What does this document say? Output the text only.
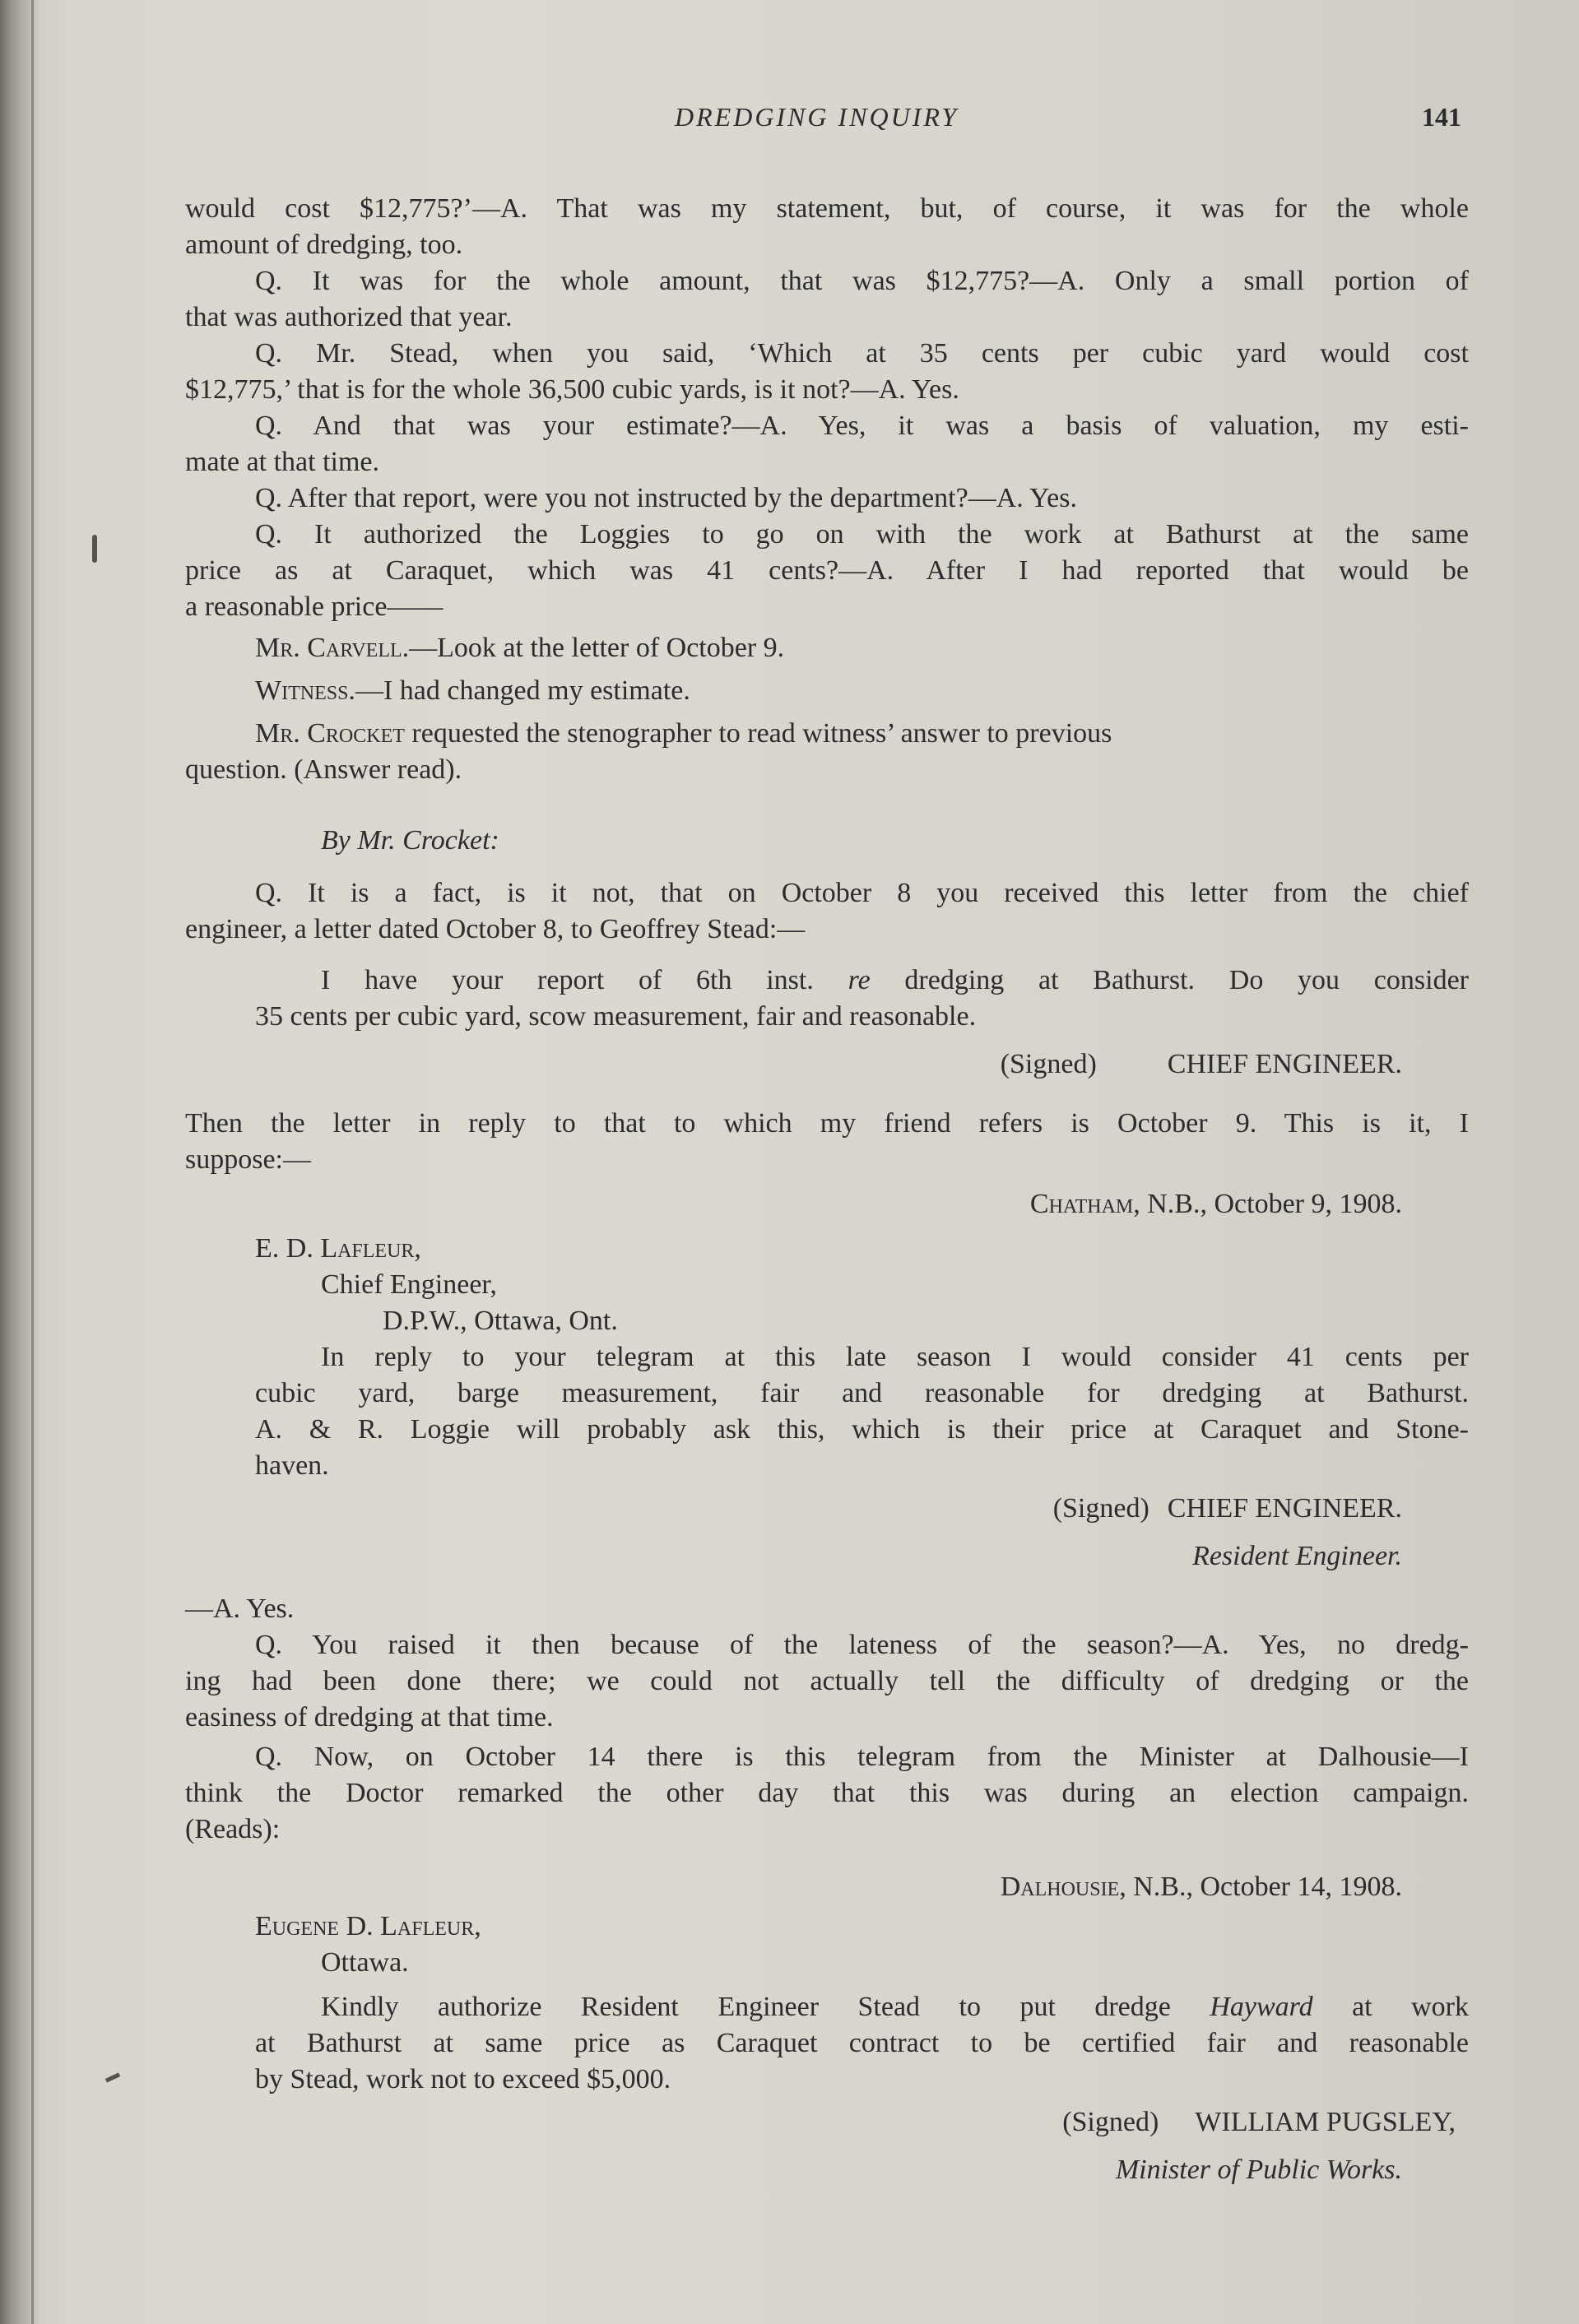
DREDGING INQUIRY	141
would cost $12,775?’—A. That was my statement, but, of course, it was for the whole
amount of dredging, too.
Q. It was for the whole amount, that was $12,775?—A. Only a small portion of
that was authorized that year.
Q. Mr. Stead, when you said, ‘Which at 35 cents per cubic yard would cost
$12,775,’ that is for the whole 36,500 cubic yards, is it not?—A. Yes.
Q. And that was your estimate?—A. Yes, it was a basis of valuation, my esti-
mate at that time.
Q. After that report, were you not instructed by the department?—A. Yes.
Q. It authorized the Loggies to go on with the work at Bathurst at the same
price as at Caraquet, which was 41 cents?—A. After I had reported that would be
a reasonable price——
Mr. Carvell.—Look at the letter of October 9.
Witness.—I had changed my estimate.
Mr. Crocket requested the stenographer to read witness’ answer to previous
question. (Answer read).
By Mr. Crocket:
Q. It is a fact, is it not, that on October 8 you received this letter from the chief
engineer, a letter dated October 8, to Geoffrey Stead:—
I have your report of 6th inst. re dredging at Bathurst. Do you consider
35 cents per cubic yard, scow measurement, fair and reasonable.
(Signed)	CHIEF ENGINEER.
Then the letter in reply to that to which my friend refers is October 9. This is it, I
suppose:—
Chatham, N.B., October 9, 1908.
E. D. Lafleur,
Chief Engineer,
D.P.W., Ottawa, Ont.
In reply to your telegram at this late season I would consider 41 cents per
cubic yard, barge measurement, fair and reasonable for dredging at Bathurst.
A. & R. Loggie will probably ask this, which is their price at Caraquet and Stone-
haven.
(Signed) CHIEF ENGINEER.
Resident Engineer.
—A. Yes.
Q. You raised it then because of the lateness of the season?—A. Yes, no dredg-
ing had been done there; we could not actually tell the difficulty of dredging or the
easiness of dredging at that time.
Q. Now, on October 14 there is this telegram from the Minister at Dalhousie—I
think the Doctor remarked the other day that this was during an election campaign.
(Reads):
Dalhousie, N.B., October 14, 1908.
Eugene D. Lafleur,
Ottawa.
Kindly authorize Resident Engineer Stead to put dredge Hayward at work
at Bathurst at same price as Caraquet contract to be certified fair and reasonable
by Stead, work not to exceed $5,000.
(Signed) WILLIAM PUGSLEY,
Minister of Public Works.
